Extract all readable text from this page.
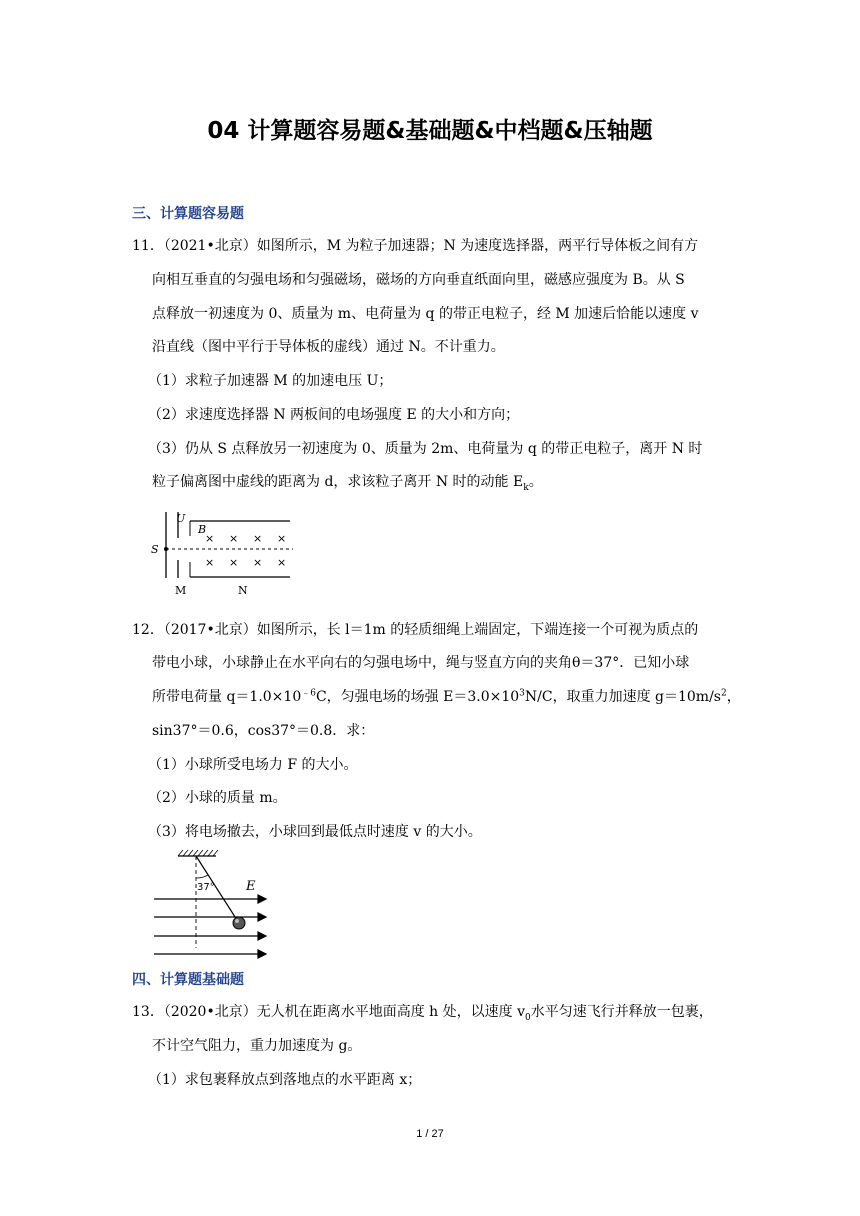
04 计算题容易题&基础题&中档题&压轴题
三、计算题容易题
11．（2021•北京）如图所示，M 为粒子加速器；N 为速度选择器，两平行导体板之间有方
向相互垂直的匀强电场和匀强磁场，磁场的方向垂直纸面向里，磁感应强度为 B。从 S
点释放一初速度为 0、质量为 m、电荷量为 q 的带正电粒子，经 M 加速后恰能以速度 v
沿直线（图中平行于导体板的虚线）通过 N。不计重力。
（1）求粒子加速器 M 的加速电压 U；
（2）求速度选择器 N 两板间的电场强度 E 的大小和方向；
（3）仍从 S 点释放另一初速度为 0、质量为 2m、电荷量为 q 的带正电粒子，离开 N 时
粒子偏离图中虚线的距离为 d，求该粒子离开 N 时的动能 $E_k$。
U
B
S
M	N
× × × ×
× × × ×
12．（2017•北京）如图所示，长 l＝1m 的轻质细绳上端固定，下端连接一个可视为质点的
带电小球，小球静止在水平向右的匀强电场中，绳与竖直方向的夹角θ＝37°．已知小球
所带电荷量 $q=1.0\times 10^{﹣6}C$，匀强电场的场强 $E=3.0\times 10^3N/C$，取重力加速度 $g=10m/s^2$，
sin37°＝0.6，cos37°＝0.8．求：
（1）小球所受电场力 F 的大小。
（2）小球的质量 m。
（3）将电场撤去，小球回到最低点时速度 v 的大小。
37° E
四、计算题基础题
13．（2020•北京）无人机在距离水平地面高度 h 处，以速度 $v_0$水平匀速飞行并释放一包裹，
不计空气阻力，重力加速度为 g。
（1）求包裹释放点到落地点的水平距离 x；
1 / 27
